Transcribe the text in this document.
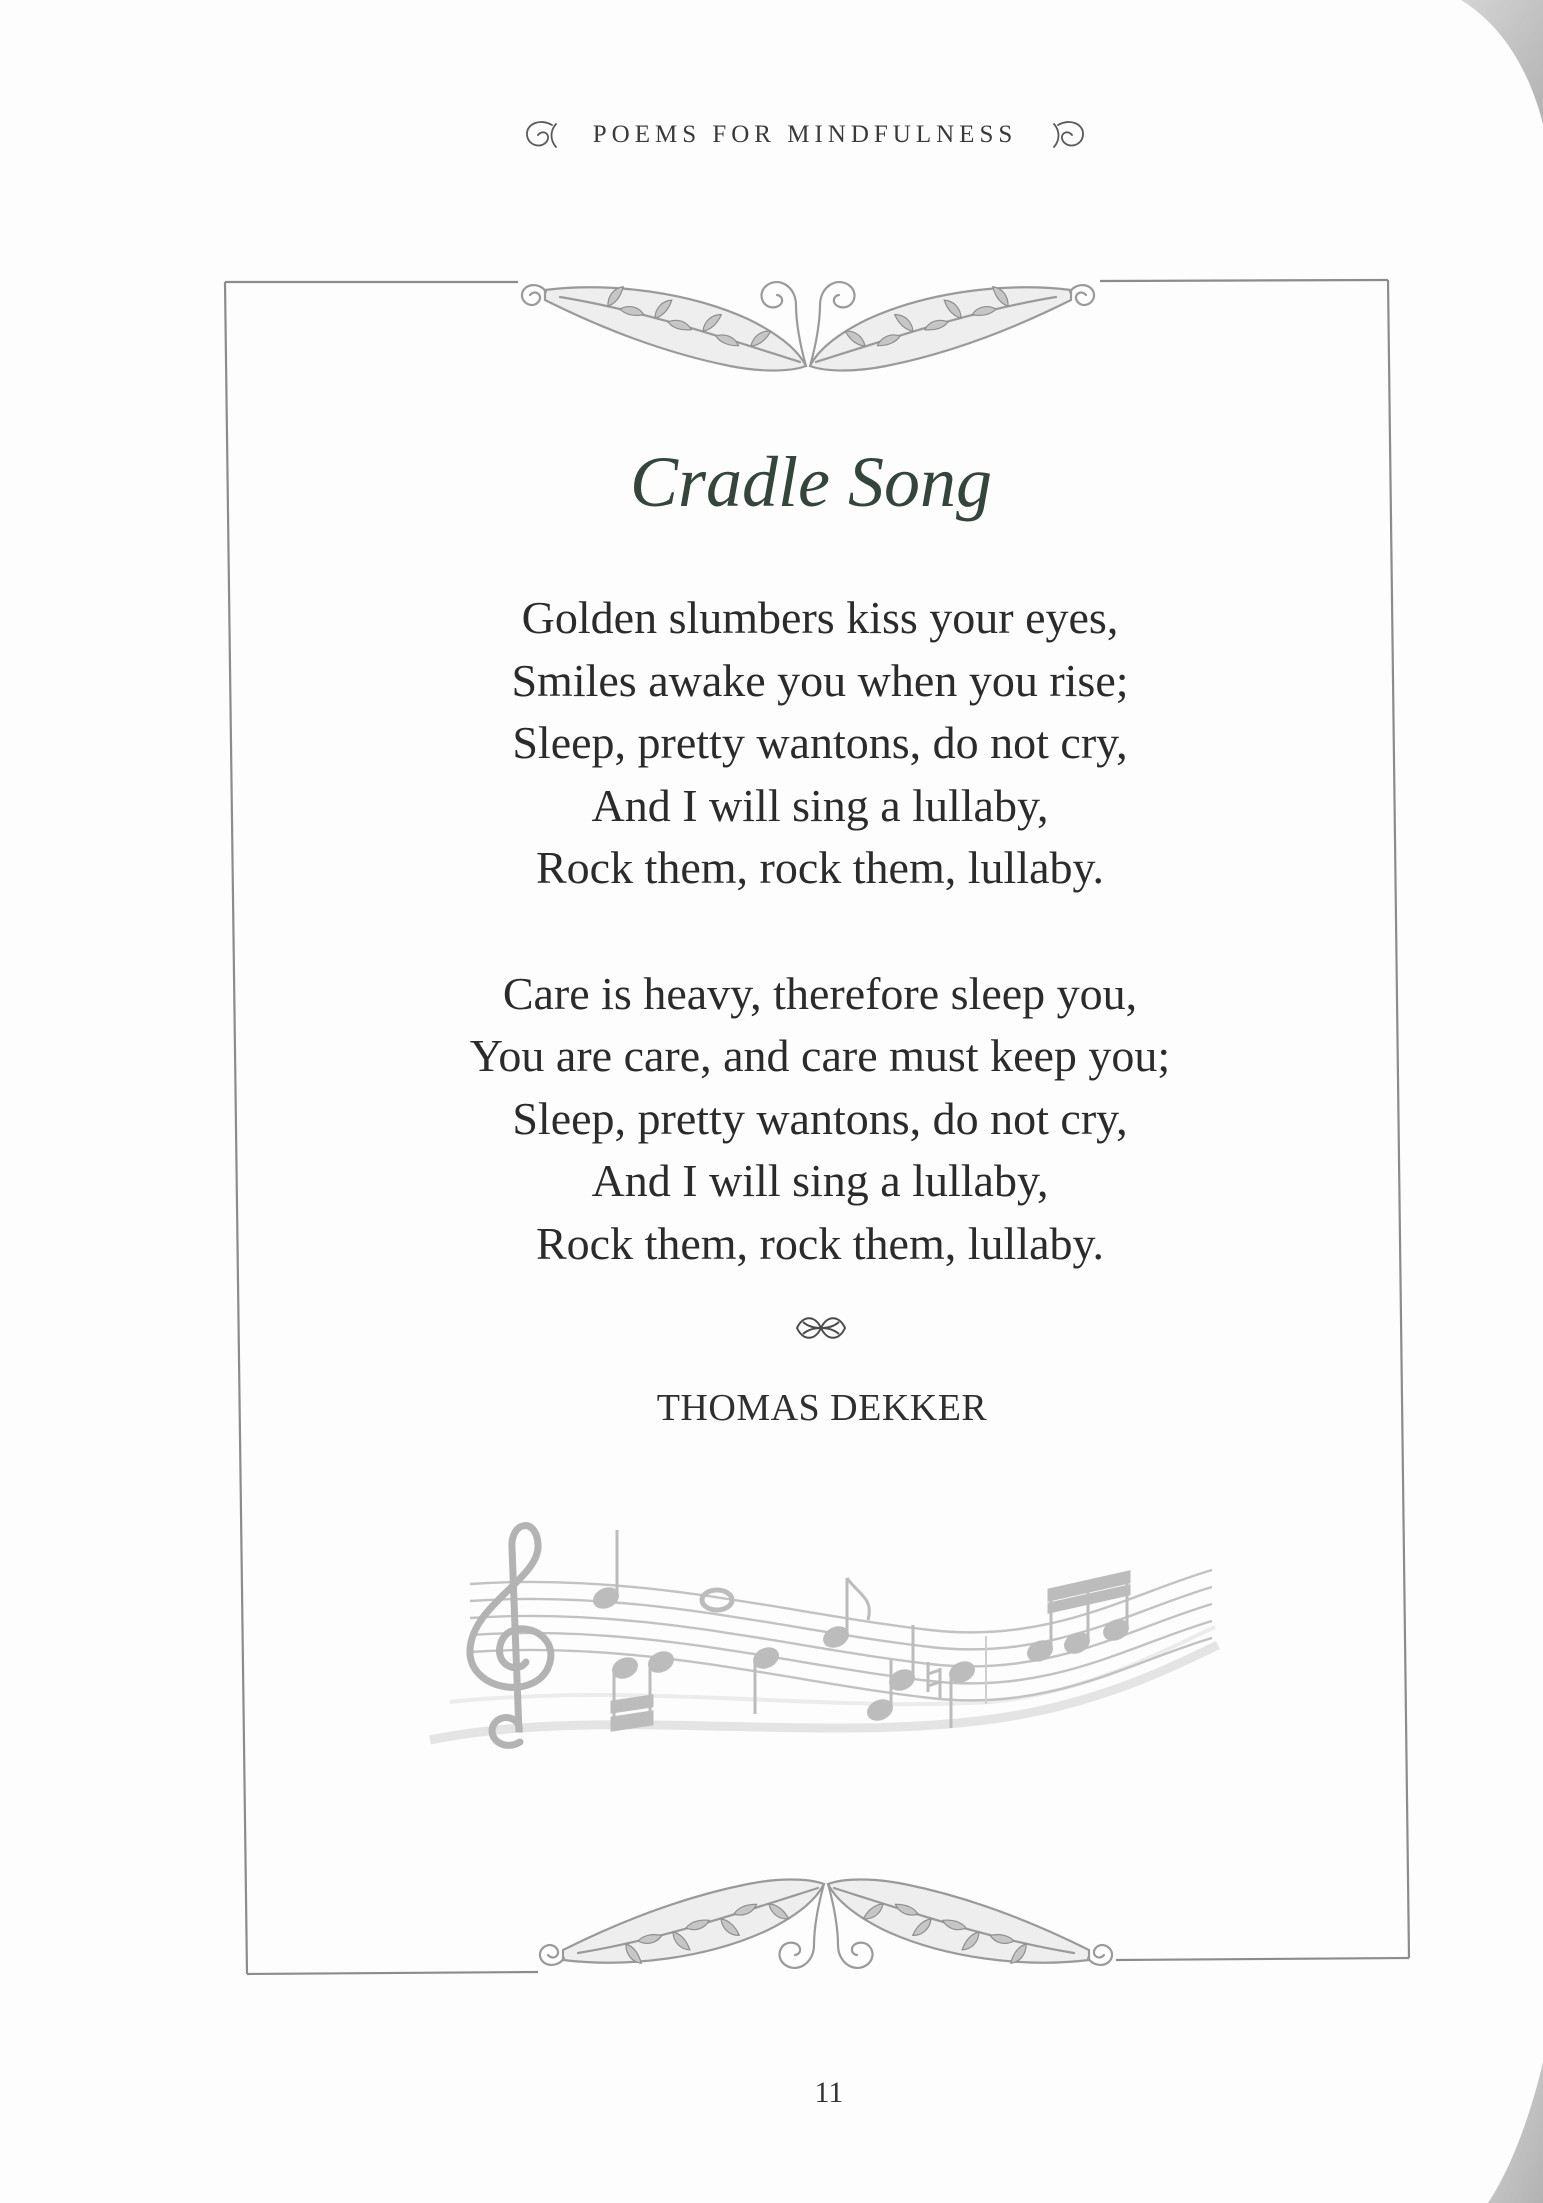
POEMS FOR MINDFULNESS
Cradle Song
Golden slumbers kiss your eyes,
Smiles awake you when you rise;
Sleep, pretty wantons, do not cry,
And I will sing a lullaby,
Rock them, rock them, lullaby.
Care is heavy, therefore sleep you,
You are care, and care must keep you;
Sleep, pretty wantons, do not cry,
And I will sing a lullaby,
Rock them, rock them, lullaby.
THOMAS DEKKER
11
